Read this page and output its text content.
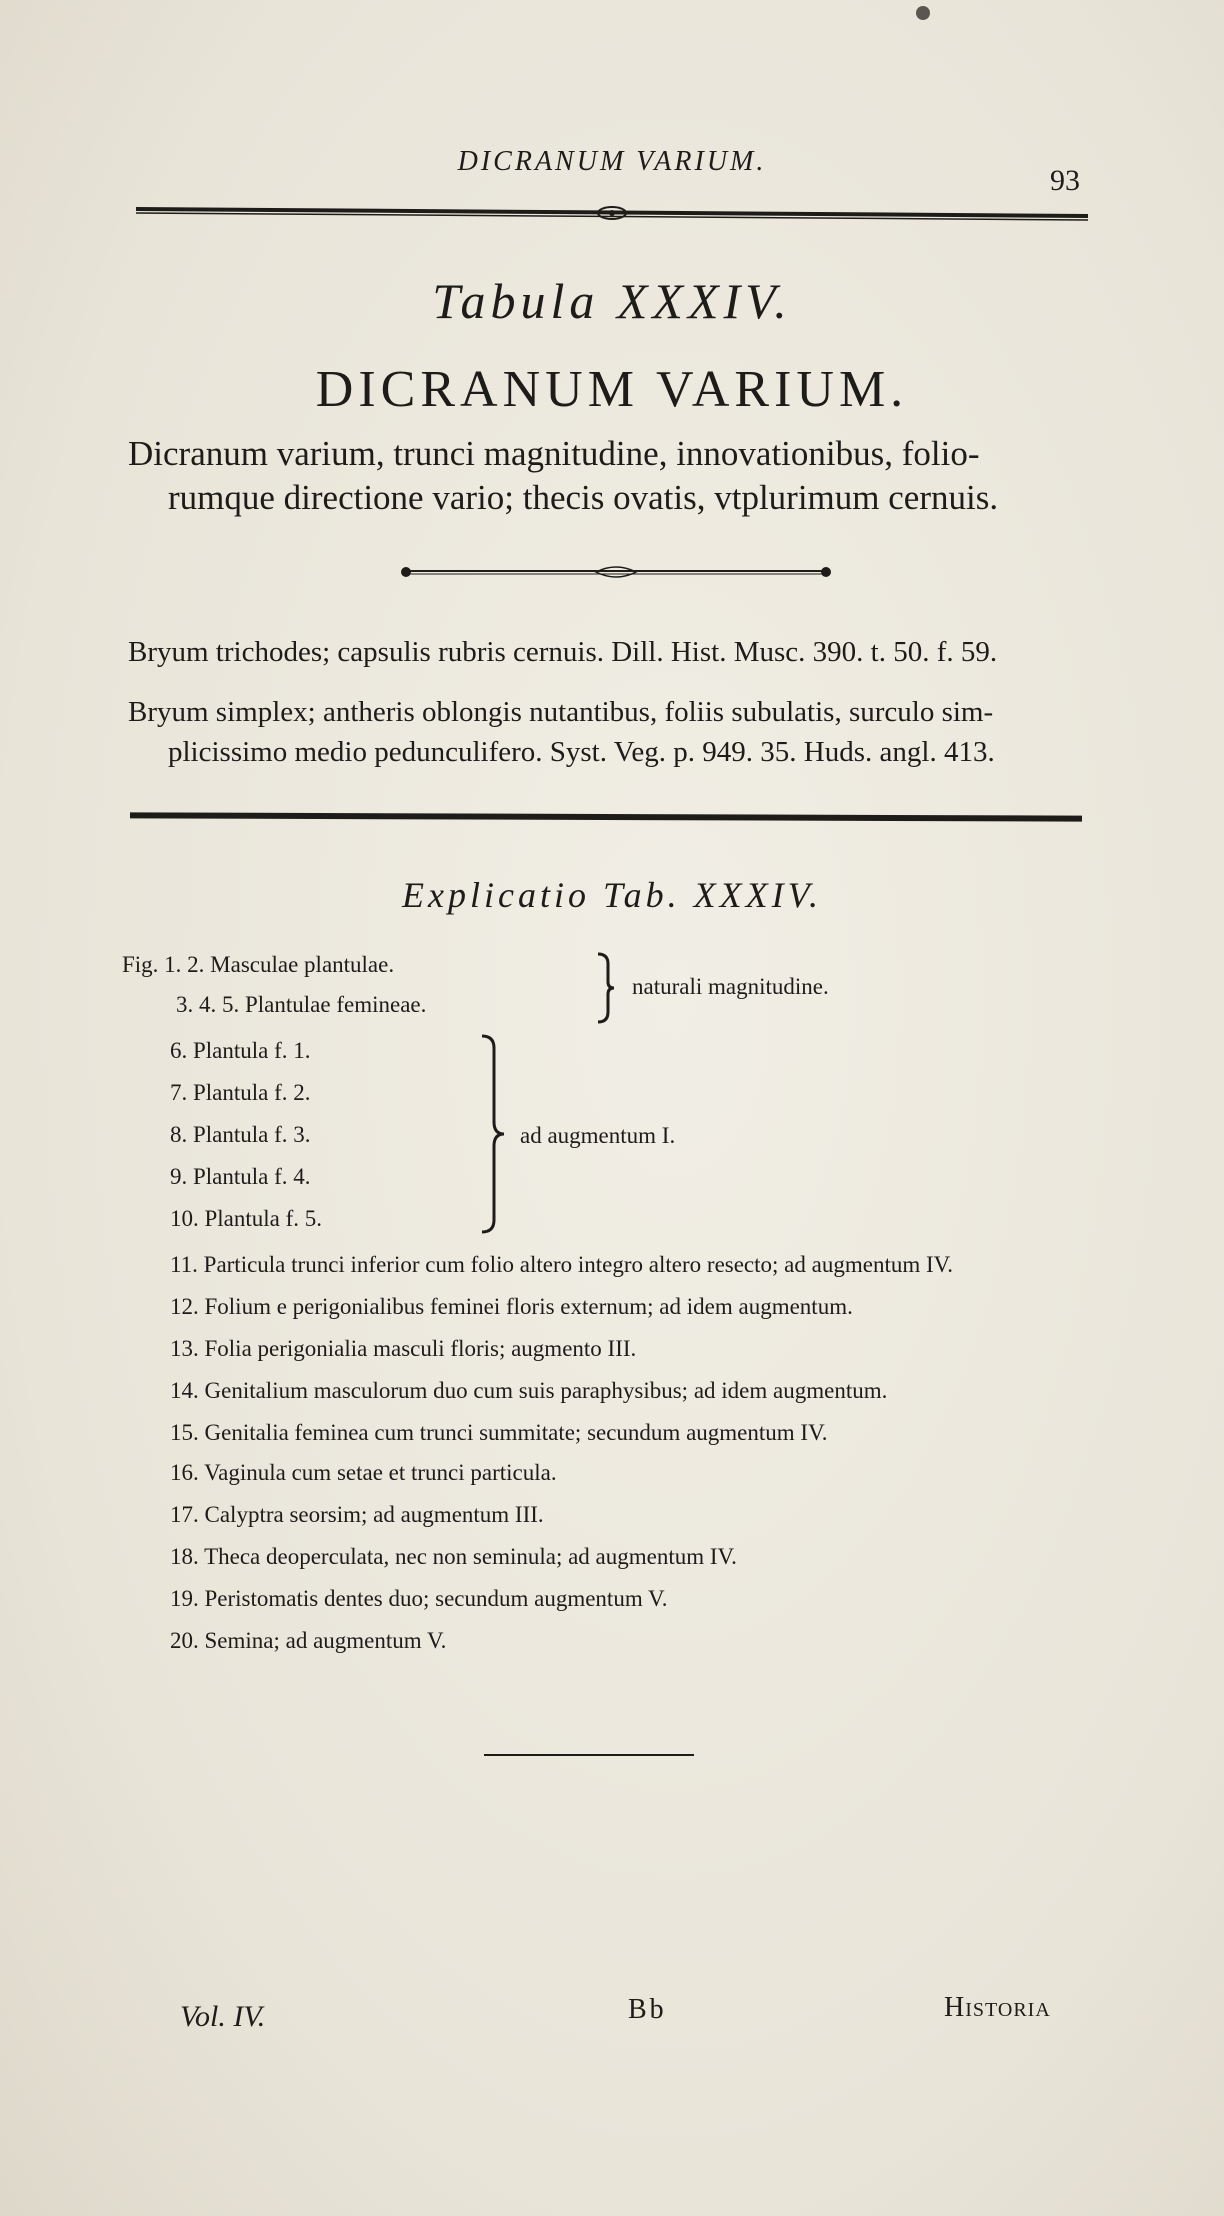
DICRANUM VARIUM.
93
Tabula XXXIV.
DICRANUM VARIUM.
Dicranum varium, trunci magnitudine, innovationibus, folio-
rumque directione vario; thecis ovatis, vtplurimum cernuis.
Bryum trichodes; capsulis rubris cernuis. Dill. Hist. Musc. 390. t. 50. f. 59.
Bryum simplex; antheris oblongis nutantibus, foliis subulatis, surculo sim-
plicissimo medio pedunculifero. Syst. Veg. p. 949. 35. Huds. angl. 413.
Explicatio Tab. XXXIV.
Fig. 1. 2. Masculae plantulae.
3. 4. 5. Plantulae femineae.
6. Plantula f. 1.
7. Plantula f. 2.
8. Plantula f. 3.
9. Plantula f. 4.
10. Plantula f. 5.
11. Particula trunci inferior cum folio altero integro altero resecto; ad augmentum IV.
12. Folium e perigonialibus feminei floris externum; ad idem augmentum.
13. Folia perigonialia masculi floris; augmento III.
14. Genitalium masculorum duo cum suis paraphysibus; ad idem augmentum.
15. Genitalia feminea cum trunci summitate; secundum augmentum IV.
16. Vaginula cum setae et trunci particula.
17. Calyptra seorsim; ad augmentum III.
18. Theca deoperculata, nec non seminula; ad augmentum IV.
19. Peristomatis dentes duo; secundum augmentum V.
20. Semina; ad augmentum V.
naturali magnitudine.
ad augmentum I.
Vol. IV.	Bb	HISTORIA
